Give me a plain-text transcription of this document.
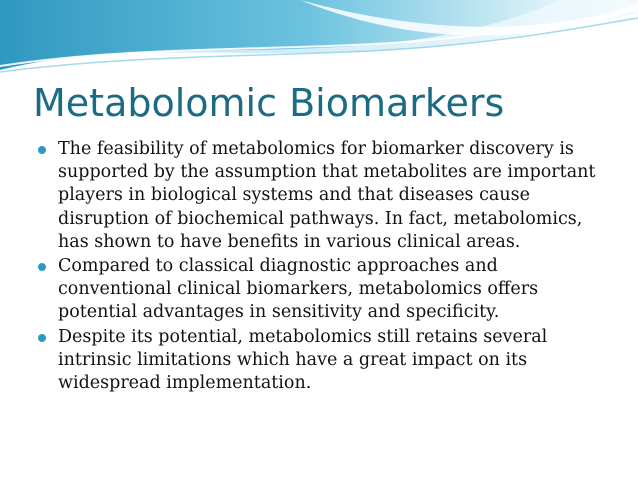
Metabolomic Biomarkers
The feasibility of metabolomics for biomarker discovery is supported by the assumption that metabolites are important players in biological systems and that diseases cause disruption of biochemical pathways. In fact, metabolomics, has shown to have benefits in various clinical areas.
Compared to classical diagnostic approaches and conventional clinical biomarkers, metabolomics offers potential advantages in sensitivity and specificity.
Despite its potential, metabolomics still retains several intrinsic limitations which have a great impact on its widespread implementation.
